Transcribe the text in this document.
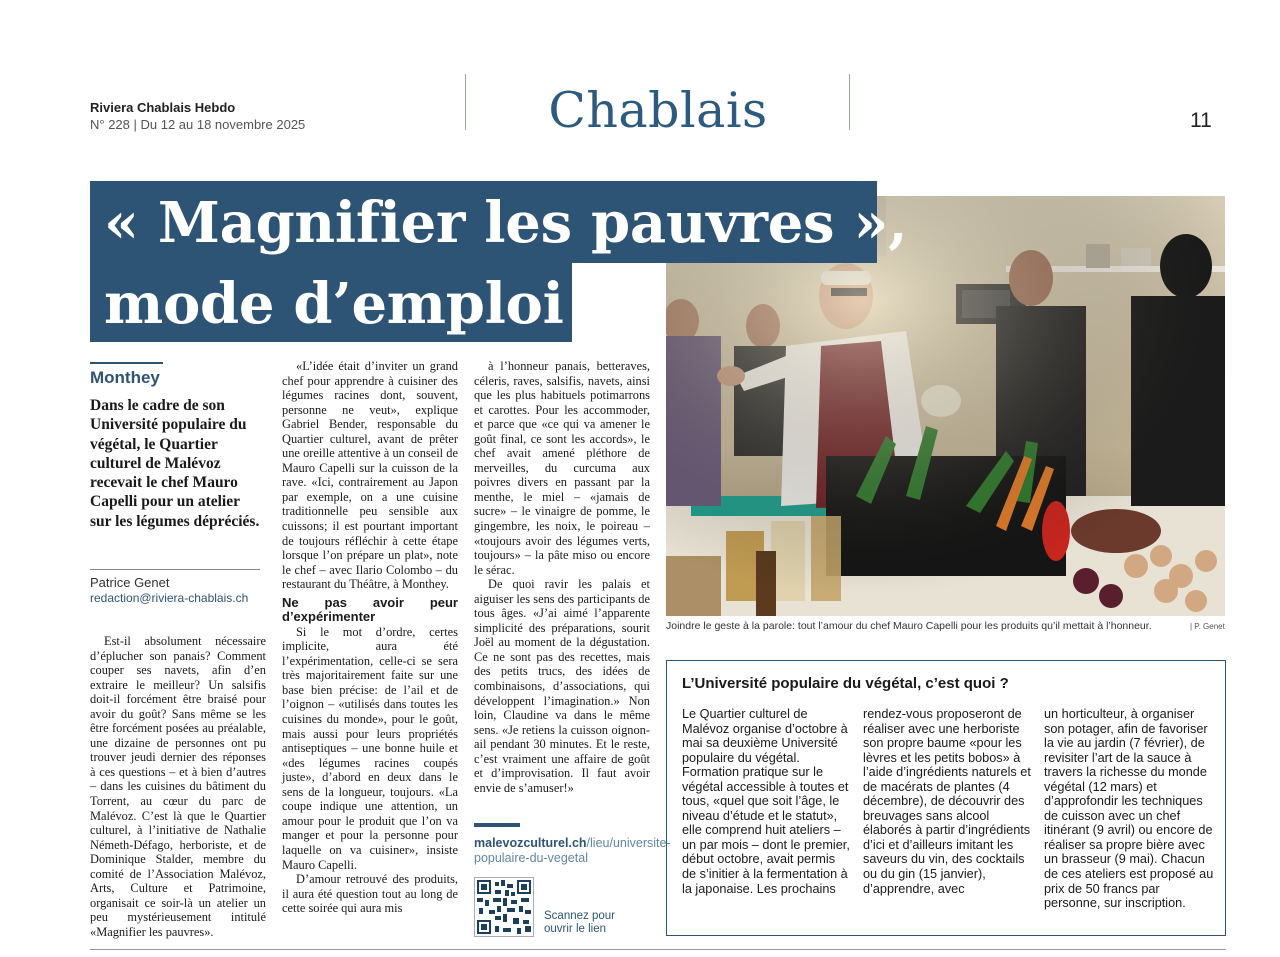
Riviera Chablais Hebdo
N° 228 | Du 12 au 18 novembre 2025	Chablais	11
Joindre le geste à la parole: tout l’amour du chef Mauro Capelli pour les produits qu’il mettait à l’honneur.	| P. Genet
« Magnifier les pauvres »,
mode d’emploi
Monthey
Dans le cadre de son Université populaire du végétal, le Quartier culturel de Malévoz recevait le chef Mauro Capelli pour un atelier sur les légumes dépréciés.
Patrice Genet
redaction@riviera-chablais.ch

Est-il absolument nécessaire d’éplucher son panais? Comment couper ses navets, afin d’en extraire le meilleur? Un salsifis doit-il forcément être braisé pour avoir du goût? Sans même se les être forcément posées au préalable, une dizaine de personnes ont pu trouver jeudi dernier des réponses à ces questions – et à bien d’autres – dans les cuisines du bâtiment du Torrent, au cœur du parc de Malévoz. C’est là que le Quartier culturel, à l’initiative de Nathalie Németh-Défago, herboriste, et de Dominique Stalder, membre du comité de l’Association Malévoz, Arts, Culture et Patrimoine, organisait ce soir-là un atelier un peu mystérieusement intitulé «Magnifier les pauvres».

«L’idée était d’inviter un grand chef pour apprendre à cuisiner des légumes racines dont, souvent, personne ne veut», explique Gabriel Bender, responsable du Quartier culturel, avant de prêter une oreille attentive à un conseil de Mauro Capelli sur la cuisson de la rave. «Ici, contrairement au Japon par exemple, on a une cuisine traditionnelle peu sensible aux cuissons; il est pourtant important de toujours réfléchir à cette étape lorsque l’on prépare un plat», note le chef – avec Ilario Colombo – du restaurant du Théâtre, à Monthey.

Ne pas avoir peur d’expérimenter

Si le mot d’ordre, certes implicite, aura été l’expérimentation, celle-ci se sera très majoritairement faite sur une base bien précise: de l’ail et de l’oignon – «utilisés dans toutes les cuisines du monde», pour le goût, mais aussi pour leurs propriétés antiseptiques – une bonne huile et «des légumes racines coupés juste», d’abord en deux dans le sens de la longueur, toujours. «La coupe indique une attention, un amour pour le produit que l’on va manger et pour la personne pour laquelle on va cuisiner», insiste Mauro Capelli.

D’amour retrouvé des produits, il aura été question tout au long de cette soirée qui aura mis

à l’honneur panais, betteraves, céleris, raves, salsifis, navets, ainsi que les plus habituels potimarrons et carottes. Pour les accommoder, et parce que «ce qui va amener le goût final, ce sont les accords», le chef avait amené pléthore de merveilles, du curcuma aux poivres divers en passant par la menthe, le miel – «jamais de sucre» – le vinaigre de pomme, le gingembre, les noix, le poireau – «toujours avoir des légumes verts, toujours» – la pâte miso ou encore le sérac.

De quoi ravir les palais et aiguiser les sens des participants de tous âges. «J’ai aimé l’apparente simplicité des préparations, sourit Joël au moment de la dégustation. Ce ne sont pas des recettes, mais des petits trucs, des idées de combinaisons, d’associations, qui développent l’imagination.» Non loin, Claudine va dans le même sens. «Je retiens la cuisson oignon-ail pendant 30 minutes. Et le reste, c’est vraiment une affaire de goût et d’improvisation. Il faut avoir envie de s’amuser!»

malevozculturel.ch/lieu/universite-populaire-du-vegetal
Scannez pour
ouvrir le lien
L’Université populaire du végétal, c’est quoi ?
Le Quartier culturel de Malévoz organise d’octobre à mai sa deuxième Université populaire du végétal. Formation pratique sur le végétal accessible à toutes et tous, «quel que soit l’âge, le niveau d’étude et le statut», elle comprend huit ateliers – un par mois – dont le premier, début octobre, avait permis de s’initier à la fermentation à la japonaise. Les prochains
rendez-vous proposeront de réaliser avec une herboriste son propre baume «pour les lèvres et les petits bobos» à l’aide d’ingrédients naturels et de macérats de plantes (4 décembre), de découvrir des breuvages sans alcool élaborés à partir d’ingrédients d’ici et d’ailleurs imitant les saveurs du vin, des cocktails ou du gin (15 janvier), d’apprendre, avec
un horticulteur, à organiser son potager, afin de favoriser la vie au jardin (7 février), de revisiter l’art de la sauce à travers la richesse du monde végétal (12 mars) et d’approfondir les techniques de cuisson avec un chef itinérant (9 avril) ou encore de réaliser sa propre bière avec un brasseur (9 mai). Chacun de ces ateliers est proposé au prix de 50 francs par personne, sur inscription.
